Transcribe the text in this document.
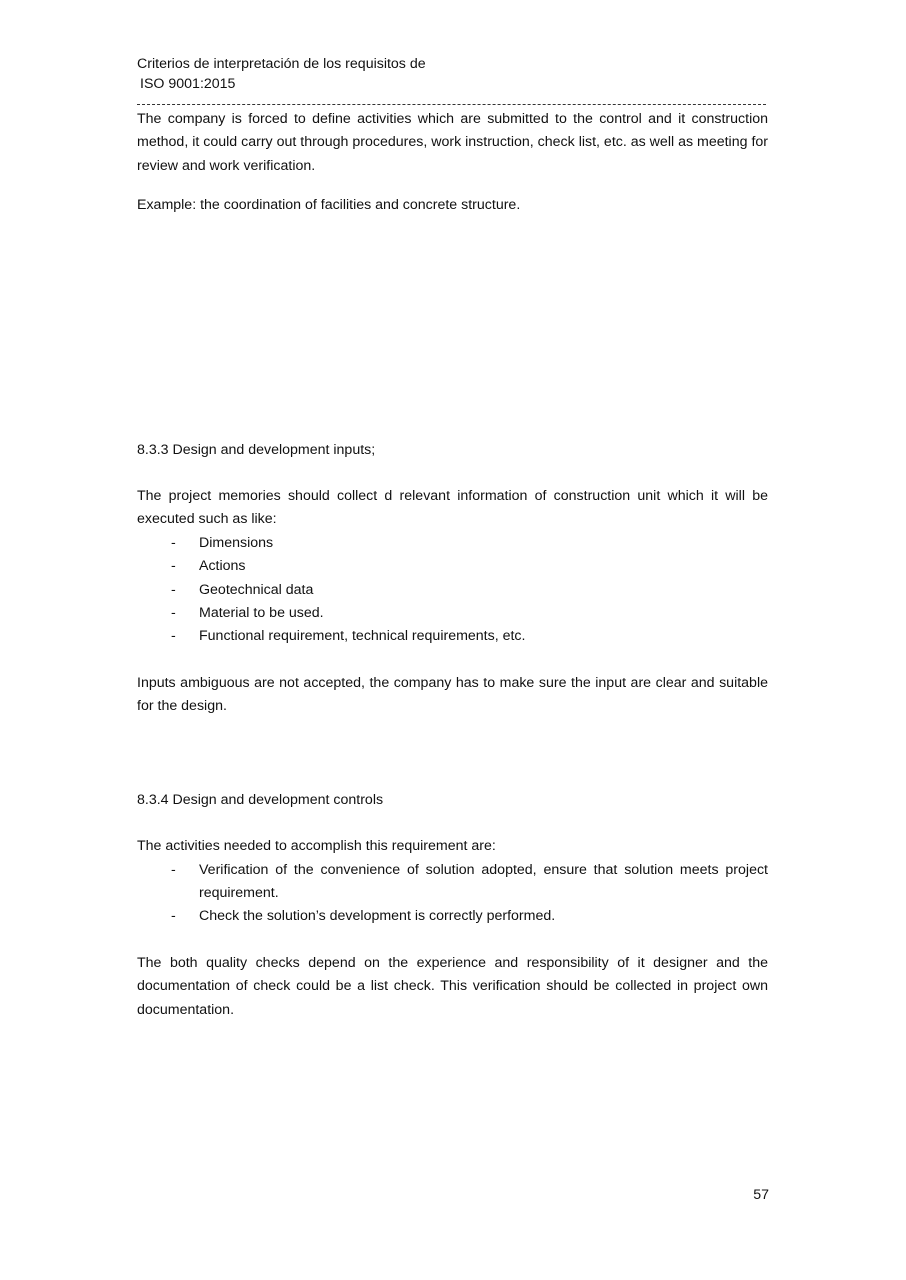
Criterios de interpretación de los requisitos de
ISO 9001:2015

The company is forced to define activities which are submitted to the control and it construction method, it could carry out through procedures, work instruction, check list, etc. as well as meeting for review and work verification.

Example: the coordination of facilities and concrete structure.

8.3.3 Design and development inputs;

The project memories should collect d relevant information of construction unit which it will be executed such as like:

- Dimensions
- Actions
- Geotechnical data
- Material to be used.
- Functional requirement, technical requirements, etc.

Inputs ambiguous are not accepted, the company has to make sure the input are clear and suitable for the design.

8.3.4 Design and development controls

The activities needed to accomplish this requirement are:

- Verification of the convenience of solution adopted, ensure that solution meets project requirement.
- Check the solution’s development is correctly performed.

The both quality checks depend on the experience and responsibility of it designer and the documentation of check could be a list check. This verification should be collected in project own documentation.

57
